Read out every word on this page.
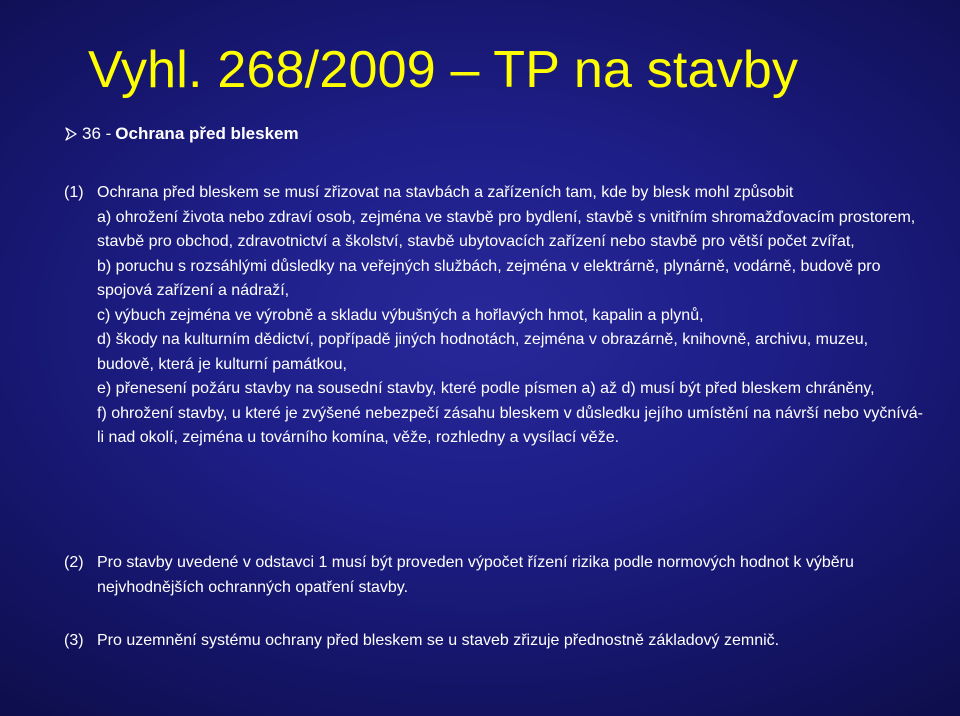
Vyhl. 268/2009 – TP na stavby
36 - Ochrana před bleskem
(1) Ochrana před bleskem se musí zřizovat na stavbách a zařízeních tam, kde by blesk mohl způsobit
a) ohrožení života nebo zdraví osob, zejména ve stavbě pro bydlení, stavbě s vnitřním shromažďovacím prostorem, stavbě pro obchod, zdravotnictví a školství, stavbě ubytovacích zařízení nebo stavbě pro větší počet zvířat,
b) poruchu s rozsáhlými důsledky na veřejných službách, zejména v elektrárně, plynárně, vodárně, budově pro spojová zařízení a nádraží,
c) výbuch zejména ve výrobně a skladu výbušných a hořlavých hmot, kapalin a plynů,
d) škody na kulturním dědictví, popřípadě jiných hodnotách, zejména v obrazárně, knihovně, archivu, muzeu, budově, která je kulturní památkou,
e) přenesení požáru stavby na sousední stavby, které podle písmen a) až d) musí být před bleskem chráněny,
f) ohrožení stavby, u které je zvýšené nebezpečí zásahu bleskem v důsledku jejího umístění na návrší nebo vyčnívá-li nad okolí, zejména u továrního komína, věže, rozhledny a vysílací věže.
(2) Pro stavby uvedené v odstavci 1 musí být proveden výpočet řízení rizika podle normových hodnot k výběru nejvhodnějších ochranných opatření stavby.
(3) Pro uzemnění systému ochrany před bleskem se u staveb zřizuje přednostně základový zemnič.
